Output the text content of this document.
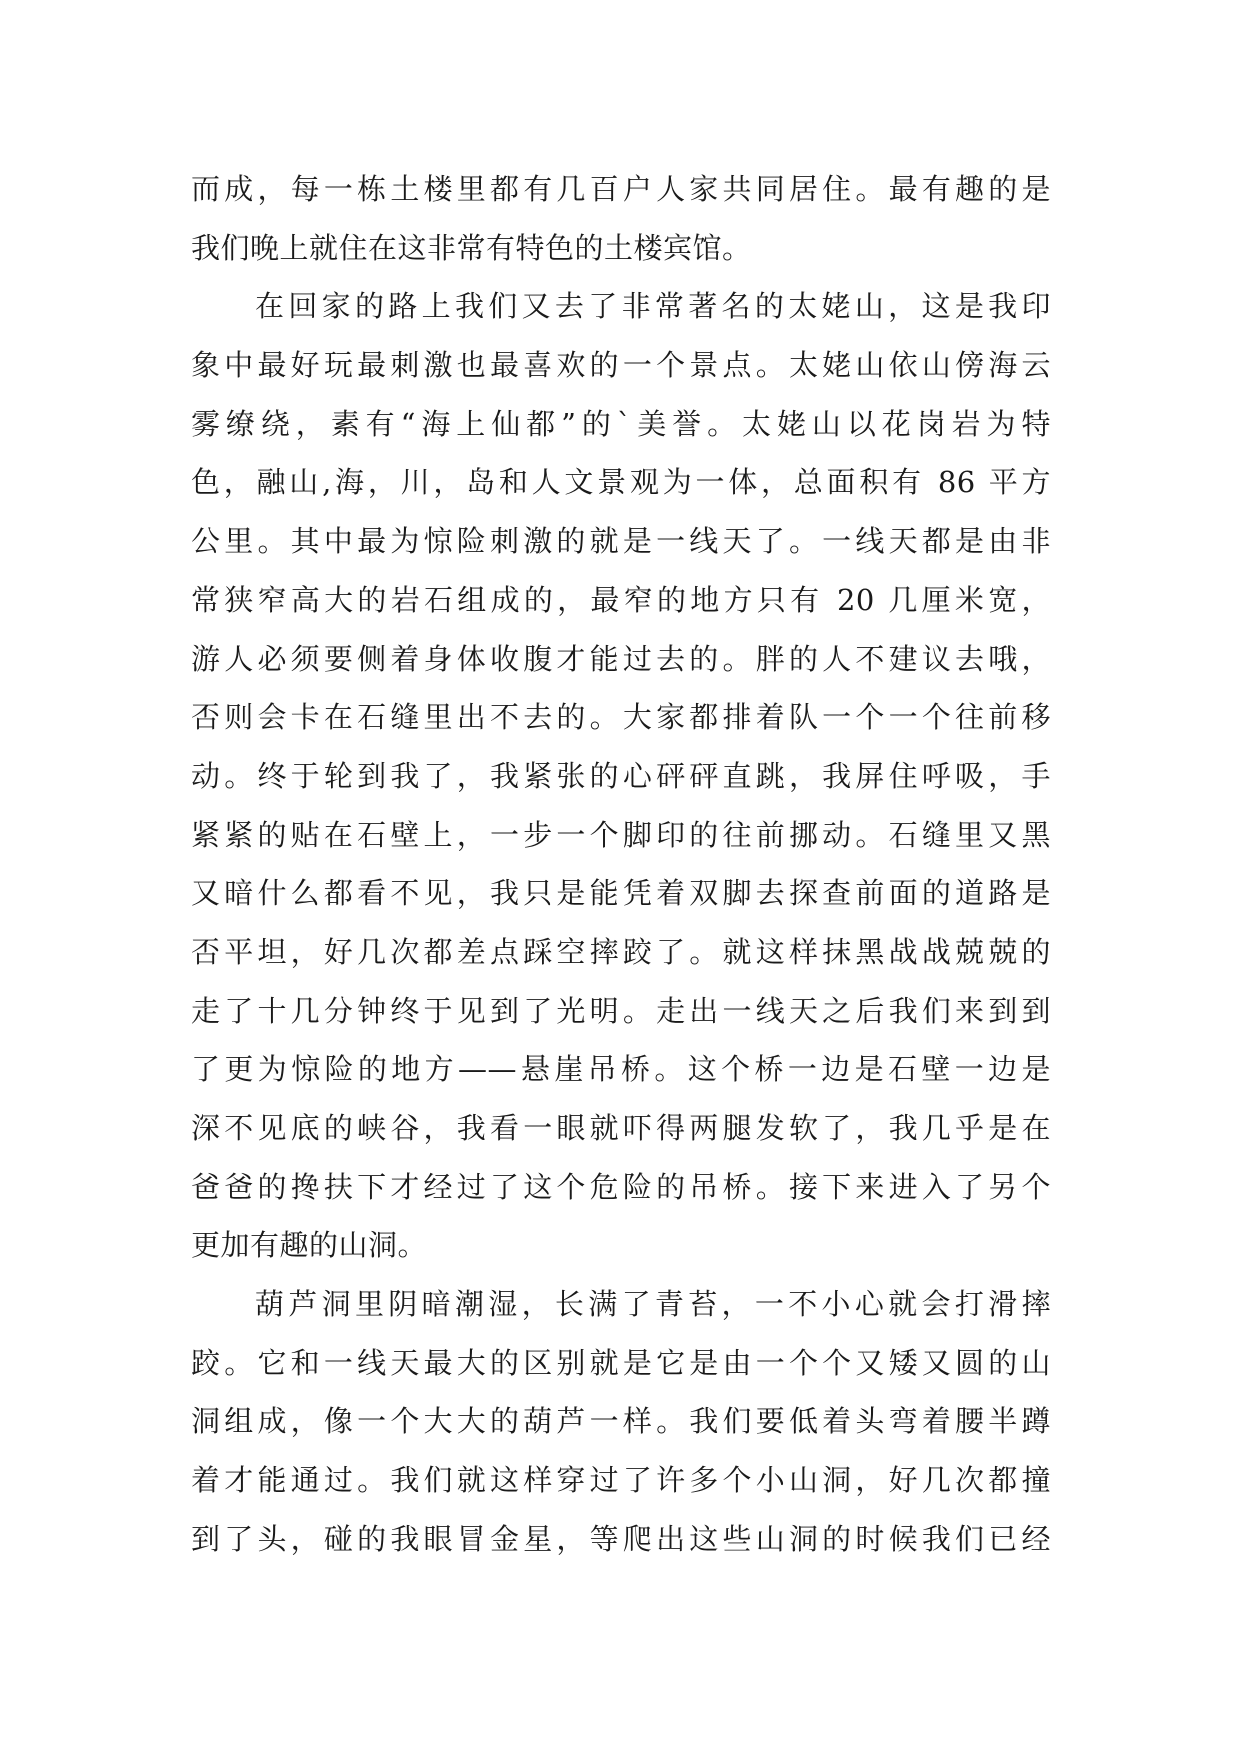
而成，每一栋土楼里都有几百户人家共同居住。最有趣的是
我们晚上就住在这非常有特色的土楼宾馆。
在回家的路上我们又去了非常著名的太姥山，这是我印
象中最好玩最刺激也最喜欢的一个景点。太姥山依山傍海云
雾缭绕，素有“海上仙都”的`美誉。太姥山以花岗岩为特
色，融山,海，川，岛和人文景观为一体，总面积有 86 平方
公里。其中最为惊险刺激的就是一线天了。一线天都是由非
常狭窄高大的岩石组成的，最窄的地方只有 20 几厘米宽，
游人必须要侧着身体收腹才能过去的。胖的人不建议去哦，
否则会卡在石缝里出不去的。大家都排着队一个一个往前移
动。终于轮到我了，我紧张的心砰砰直跳，我屏住呼吸，手
紧紧的贴在石壁上，一步一个脚印的往前挪动。石缝里又黑
又暗什么都看不见，我只是能凭着双脚去探查前面的道路是
否平坦，好几次都差点踩空摔跤了。就这样抹黑战战兢兢的
走了十几分钟终于见到了光明。走出一线天之后我们来到到
了更为惊险的地方——悬崖吊桥。这个桥一边是石壁一边是
深不见底的峡谷，我看一眼就吓得两腿发软了，我几乎是在
爸爸的搀扶下才经过了这个危险的吊桥。接下来进入了另个
更加有趣的山洞。
葫芦洞里阴暗潮湿，长满了青苔，一不小心就会打滑摔
跤。它和一线天最大的区别就是它是由一个个又矮又圆的山
洞组成，像一个大大的葫芦一样。我们要低着头弯着腰半蹲
着才能通过。我们就这样穿过了许多个小山洞，好几次都撞
到了头，碰的我眼冒金星，等爬出这些山洞的时候我们已经
